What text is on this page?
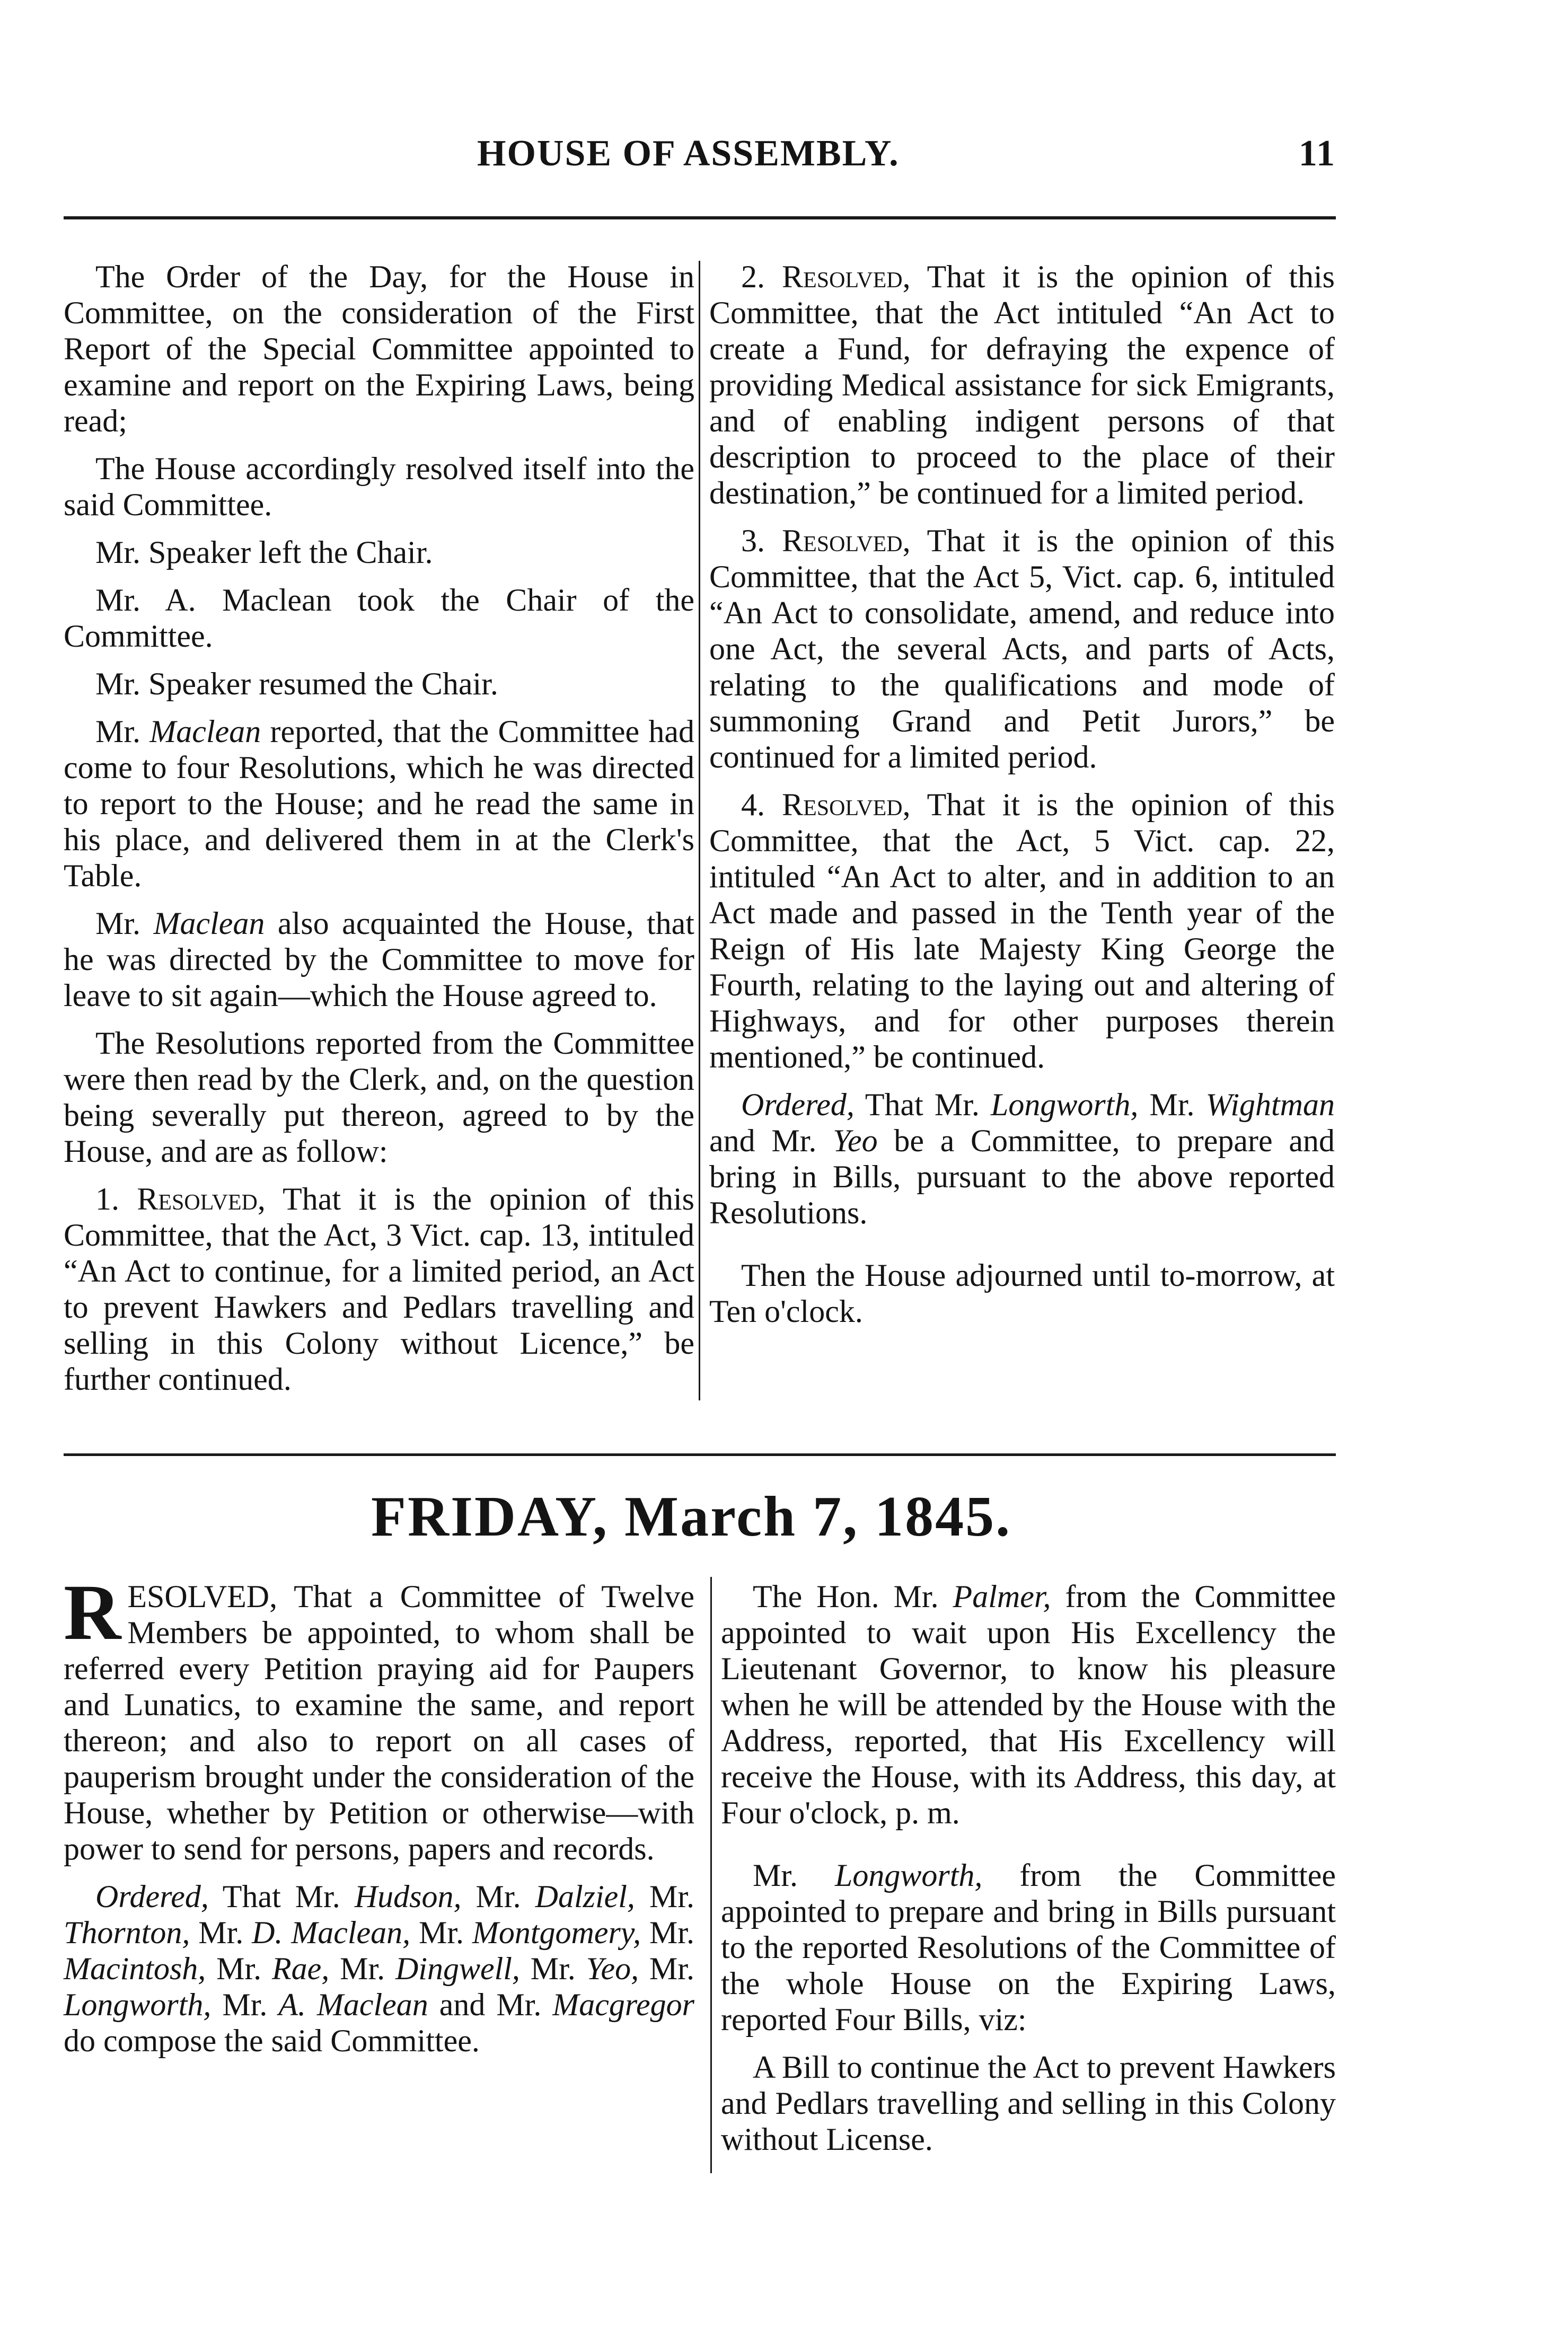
HOUSE OF ASSEMBLY.	11

The Order of the Day, for the House in Committee, on the consideration of the First Report of the Special Committee appointed to examine and report on the Expiring Laws, being read;

The House accordingly resolved itself into the said Committee.

Mr. Speaker left the Chair.

Mr. A. Maclean took the Chair of the Committee.

Mr. Speaker resumed the Chair.

Mr. Maclean reported, that the Committee had come to four Resolutions, which he was directed to report to the House; and he read the same in his place, and delivered them in at the Clerk's Table.

Mr. Maclean also acquainted the House, that he was directed by the Committee to move for leave to sit again—which the House agreed to.

The Resolutions reported from the Committee were then read by the Clerk, and, on the question being severally put thereon, agreed to by the House, and are as follow:

1. Resolved, That it is the opinion of this Committee, that the Act, 3 Vict. cap. 13, intituled “An Act to continue, for a limited period, an Act to prevent Hawkers and Pedlars travelling and selling in this Colony without Licence,” be further continued.

2. Resolved, That it is the opinion of this Committee, that the Act intituled “An Act to create a Fund, for defraying the expence of providing Medical assistance for sick Emigrants, and of enabling indigent persons of that description to proceed to the place of their destination,” be continued for a limited period.

3. Resolved, That it is the opinion of this Committee, that the Act 5, Vict. cap. 6, intituled “An Act to consolidate, amend, and reduce into one Act, the several Acts, and parts of Acts, relating to the qualifications and mode of summoning Grand and Petit Jurors,” be continued for a limited period.

4. Resolved, That it is the opinion of this Committee, that the Act, 5 Vict. cap. 22, intituled “An Act to alter, and in addition to an Act made and passed in the Tenth year of the Reign of His late Majesty King George the Fourth, relating to the laying out and altering of Highways, and for other purposes therein mentioned,” be continued.

Ordered, That Mr. Longworth, Mr. Wightman and Mr. Yeo be a Committee, to prepare and bring in Bills, pursuant to the above reported Resolutions.

Then the House adjourned until to-morrow, at Ten o'clock.

FRIDAY, March 7, 1845.

RESOLVED, That a Committee of Twelve Members be appointed, to whom shall be referred every Petition praying aid for Paupers and Lunatics, to examine the same, and report thereon; and also to report on all cases of pauperism brought under the consideration of the House, whether by Petition or otherwise—with power to send for persons, papers and records.

Ordered, That Mr. Hudson, Mr. Dalziel, Mr. Thornton, Mr. D. Maclean, Mr. Montgomery, Mr. Macintosh, Mr. Rae, Mr. Dingwell, Mr. Yeo, Mr. Longworth, Mr. A. Maclean and Mr. Macgregor do compose the said Committee.

The Hon. Mr. Palmer, from the Committee appointed to wait upon His Excellency the Lieutenant Governor, to know his pleasure when he will be attended by the House with the Address, reported, that His Excellency will receive the House, with its Address, this day, at Four o'clock, p. m.

Mr. Longworth, from the Committee appointed to prepare and bring in Bills pursuant to the reported Resolutions of the Committee of the whole House on the Expiring Laws, reported Four Bills, viz:

A Bill to continue the Act to prevent Hawkers and Pedlars travelling and selling in this Colony without License.
